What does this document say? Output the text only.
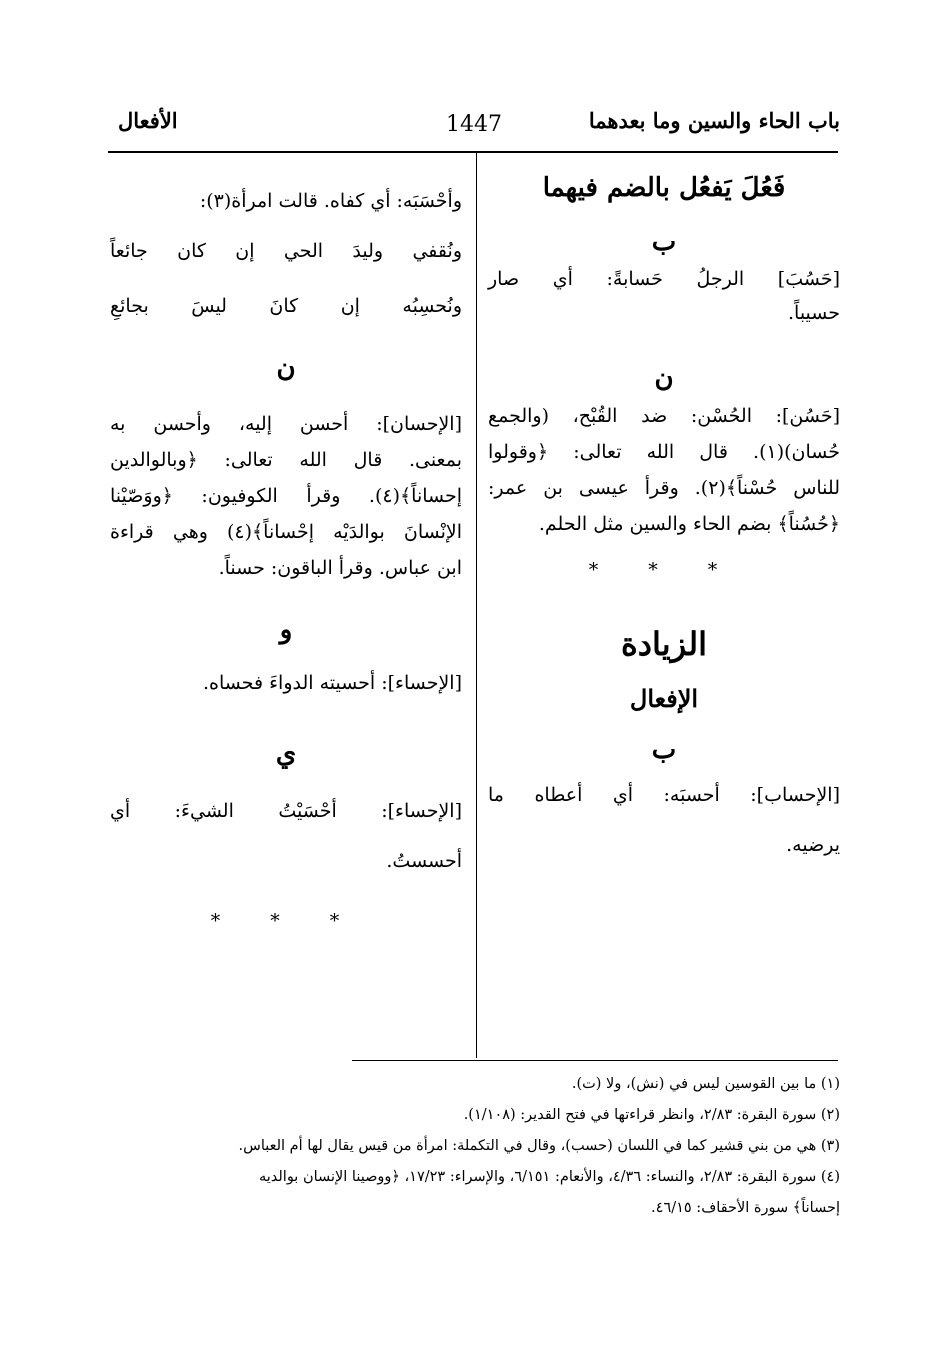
باب الحاء والسين وما بعدهما
1447
الأفعال
فَعُلَ يَفعُل بالضم فيهما
ب

[حَسُبَ] الرجلُ حَسابةً: أي صار
حسيباً.

ن

[حَسُن]: الحُسْن: ضد القُبْح، (والجمع
حُسان)(١). قال الله تعالى: ﴿وقولوا
للناس حُسْناً﴾(٢). وقرأ عيسى بن عمر:
﴿حُسُناً﴾ بضم الحاء والسين مثل الحلم.

* * *
الزيادة
الإفعال
ب

[الإحساب]: أحسبَه: أي أعطاه ما
يرضيه.

وأحْسَبَه: أي كفاه. قالت امرأة(٣):
ونُقفي وليدَ الحي إن كان جائعاً

ونُحسِبُه إن كانَ ليسَ بجائعِ

ن

[الإحسان]: أحسن إليه، وأحسن به
بمعنى. قال الله تعالى: ﴿وبالوالدين
إحساناً﴾(٤). وقرأ الكوفيون: ﴿ووَصّيْنا
الإنْسانَ بوالدَيْه إحْساناً﴾(٤) وهي قراءة
ابن عباس. وقرأ الباقون: حسناً.

و

[الإحساء]: أحسيته الدواءَ فحساه.

ي

[الإحساء]: أحْسَيْتُ الشيءَ: أي
أحسستُ.

* * *

(١) ما بين القوسين ليس في (نش)، ولا (ت).

(٢) سورة البقرة: ٢/٨٣، وانظر قراءتها في فتح القدير: (١/١٠٨).

(٣) هي من بني قشير كما في اللسان (حسب)، وقال في التكملة: امرأة من قيس يقال لها أم العباس.

(٤) سورة البقرة: ٢/٨٣، والنساء: ٤/٣٦، والأنعام: ٦/١٥١، والإسراء: ١٧/٢٣، ﴿ووصينا الإنسان بوالديه

إحساناً﴾ سورة الأحقاف: ٤٦/١٥.
